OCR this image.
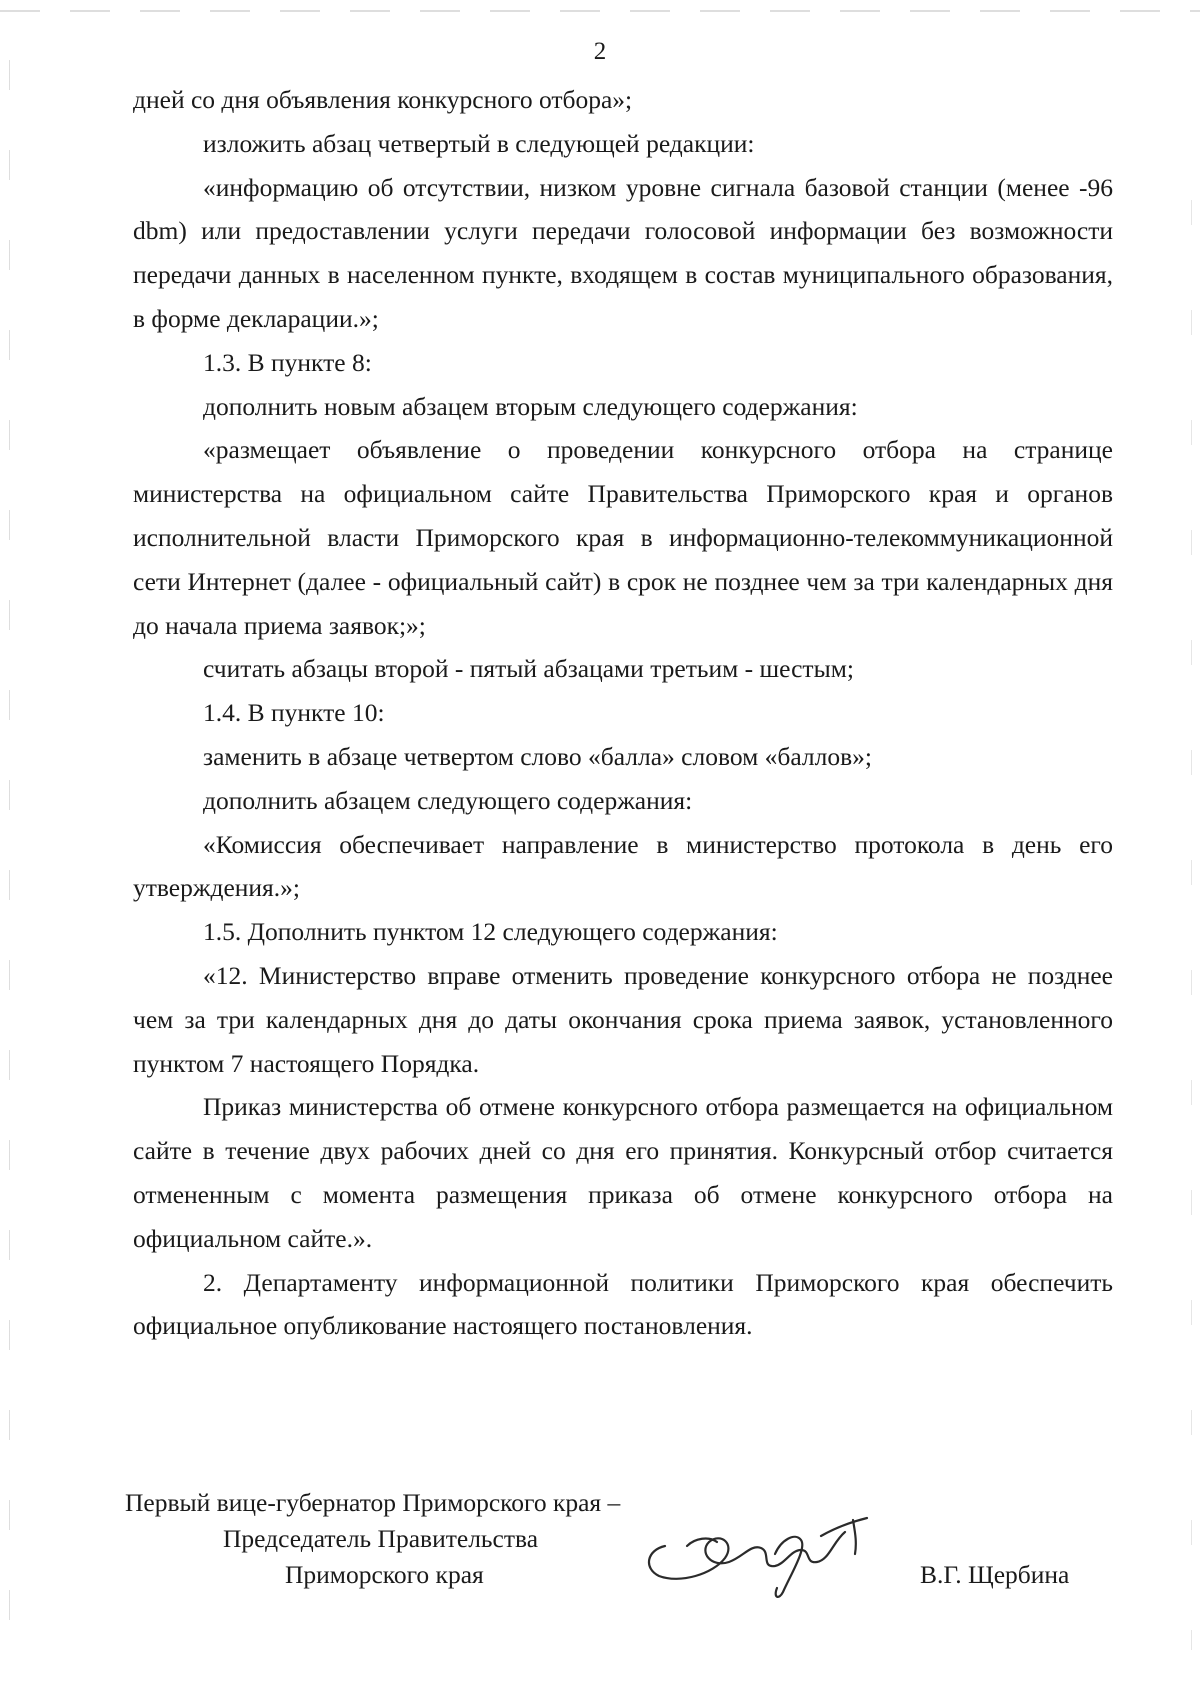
2

дней со дня объявления конкурсного отбора»;

изложить абзац четвертый в следующей редакции:

«информацию об отсутствии, низком уровне сигнала базовой станции (менее -96 dbm) или предоставлении услуги передачи голосовой информации без возможности передачи данных в населенном пункте, входящем в состав муниципального образования, в форме декларации.»;

1.3. В пункте 8:

дополнить новым абзацем вторым следующего содержания:

«размещает объявление о проведении конкурсного отбора на странице министерства на официальном сайте Правительства Приморского края и органов исполнительной власти Приморского края в информационно-телекоммуникационной сети Интернет (далее - официальный сайт) в срок не позднее чем за три календарных дня до начала приема заявок;»;

считать абзацы второй - пятый абзацами третьим - шестым;

1.4. В пункте 10:

заменить в абзаце четвертом слово «балла» словом «баллов»;

дополнить абзацем следующего содержания:

«Комиссия обеспечивает направление в министерство протокола в день его утверждения.»;

1.5. Дополнить пунктом 12 следующего содержания:

«12. Министерство вправе отменить проведение конкурсного отбора не позднее чем за три календарных дня до даты окончания срока приема заявок, установленного пунктом 7 настоящего Порядка.

Приказ министерства об отмене конкурсного отбора размещается на официальном сайте в течение двух рабочих дней со дня его принятия. Конкурсный отбор считается отмененным с момента размещения приказа об отмене конкурсного отбора на официальном сайте.».

2. Департаменту информационной политики Приморского края обеспечить официальное опубликование настоящего постановления.

Первый вице-губернатор Приморского края –
Председатель Правительства
Приморского края	В.Г. Щербина
